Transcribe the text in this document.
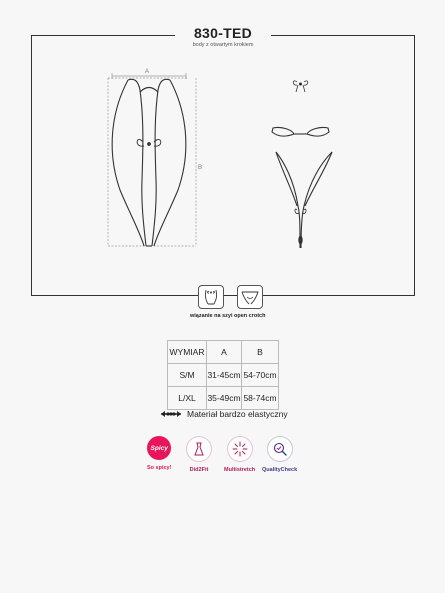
830-TED
body z otwartym krokiem
A
B
wiązanie na szyi open crotch
WYMIAR	A	B
S/M	31-45cm	54-70cm
L/XL	35-49cm	58-74cm
Materiał bardzo elastyczny
Spicy
So spicy!	Did2Fit	Multistretch QualityCheck
